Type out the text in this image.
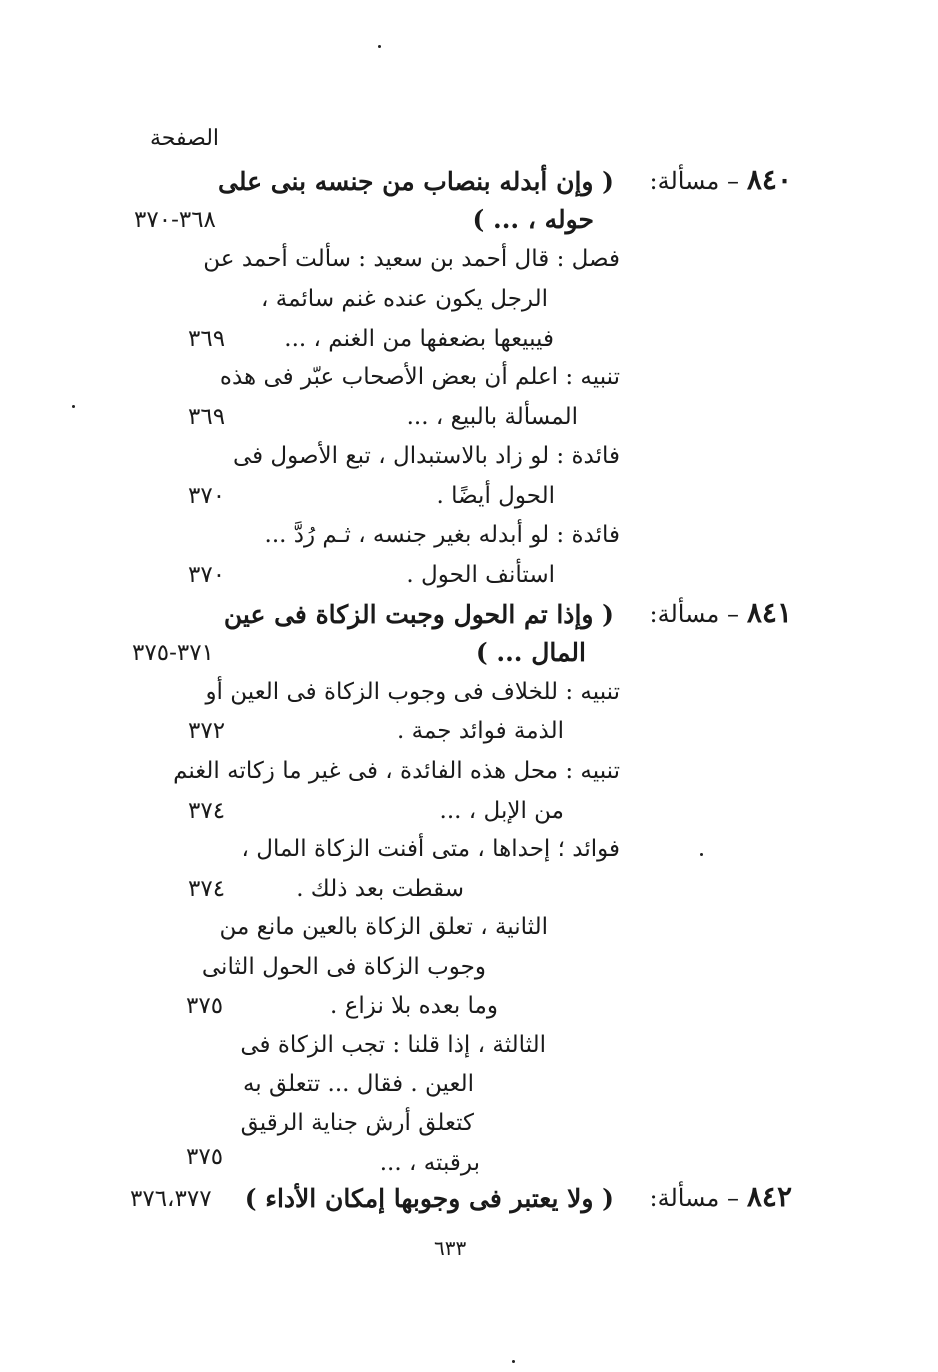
الصفحة
٨٤٠
– مسألة:
( وإن أبدله بنصاب من جنسه بنى على
حوله ، ... )
٣٦٨-٣٧٠
فصل : قال أحمد بن سعيد : سألت أحمد عن
الرجل يكون عنده غنم سائمة ،
فيبيعها بضعفها من الغنم ، ...
٣٦٩
تنبيه : اعلم أن بعض الأصحاب عبّر فى هذه
المسألة بالبيع ، ...
٣٦٩
فائدة : لو زاد بالاستبدال ، تبع الأصول فى
الحول أيضًا .
٣٧٠
فائدة : لو أبدله بغير جنسه ، ثـم رُدَّ ...
استأنف الحول .
٣٧٠
٨٤١
– مسألة:
( وإذا تم الحول وجبت الزكاة فى عين
المال ... )
٣٧١-٣٧٥
تنبيه : للخلاف فى وجوب الزكاة فى العين أو
الذمة فوائد جمة .
٣٧٢
تنبيه : محل هذه الفائدة ، فى غير ما زكاته الغنم
من الإبل ، ...
٣٧٤
فوائد ؛ إحداها ، متى أفنت الزكاة المال ،
سقطت بعد ذلك .
٣٧٤
الثانية ، تعلق الزكاة بالعين مانع من
وجوب الزكاة فى الحول الثانى
وما بعده بلا نزاع .
٣٧٥
الثالثة ، إذا قلنا : تجب الزكاة فى
العين . فقال ... تتعلق به
كتعلق أرش جناية الرقيق
برقبته ، ...
٣٧٥
٨٤٢
– مسألة:
( ولا يعتبر فى وجوبها إمكان الأداء )
٣٧٦،٣٧٧
٦٣٣
